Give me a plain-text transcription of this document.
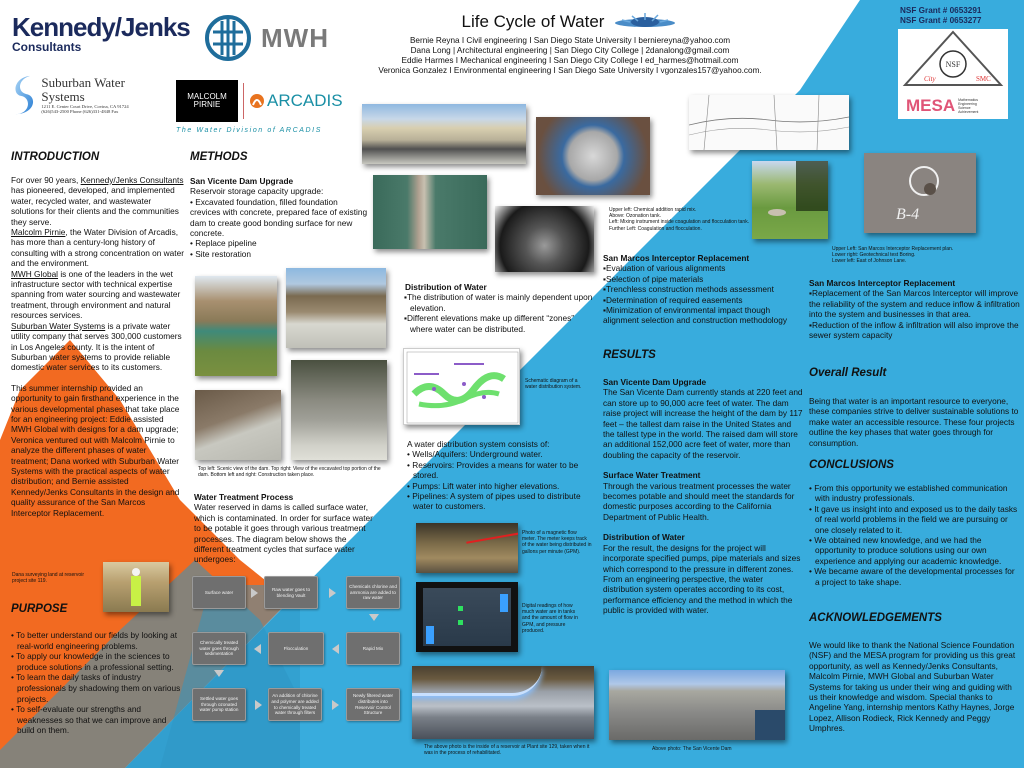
Kennedy/Jenks
Consultants	MWH
Suburban Water Systems
1211 E. Center Court Drive, Covina, CA 91724
(626)543-2500 Phone (626)331-4848 Fax
MALCOLM
PIRNIE	ARCADIS
The Water Division of ARCADIS
Life Cycle of Water
Bernie Reyna I Civil engineering I San Diego State University I berniereyna@yahoo.com
Dana Long | Architectural engineering | San Diego City College | 2danalong@gmail.com
Eddie Harmes I Mechanical engineering I San Diego City College I ed_harmes@hotmail.com
Veronica Gonzalez I Environmental engineering I San Diego Sate University I vgonzales157@yahoo.com.
NSF Grant # 0653291
NSF Grant # 0653277
NSF
City	SMC
MESA Mathematics Engineering Science Achievement
INTRODUCTION
For over 90 years, Kennedy/Jenks Consultants has pioneered, developed, and implemented water, recycled water, and wastewater solutions for their clients and the communities they serve.
Malcolm Pirnie, the Water Division of Arcadis, has more than a century-long history of consulting with a strong concentration on water and the environment.
MWH Global is one of the leaders in the wet infrastructure sector with technical expertise spanning from water sourcing and wastewater treatment, through environment and natural resources services.
Suburban Water Systems is a private water utility company that serves 300,000 customers in Los Angeles county. It is the intent of Suburban water systems to provide reliable domestic water services to its customers.
This summer internship provided an opportunity to gain firsthand experience in the various developmental phases that take place for an engineering project: Eddie assisted MWH Global with designs for a dam upgrade; Veronica ventured out with Malcolm Pirnie to analyze the different phases of water treatment; Dana worked with Suburban Water Systems with the practical aspects of water distribution; and Bernie assisted Kennedy/Jenks Consultants in the design and quality assurance of the San Marcos Interceptor Replacement.
Dana surveying land at reservoir project site 119.
PURPOSE
• To better understand our fields by looking at real-world engineering problems.
• To apply our knowledge in the sciences to produce solutions in a professional setting.
• To learn the daily tasks of industry professionals by shadowing them on various projects.
• To self-evaluate our strengths and weaknesses so that we can improve and build on them.
METHODS
San Vicente Dam Upgrade
Reservoir storage capacity upgrade:
• Excavated foundation, filled foundation crevices with concrete, prepared face of existing dam to create good bonding surface for new concrete.
• Replace pipeline
• Site restoration
Top left: Scenic view of the dam. Top right: View of the excavated top portion of the dam. Bottom left and right: Construction taken place.
Water Treatment Process
Water reserved in dams is called surface water, which is contaminated. In order for surface water to be potable it goes through various treatment processes. The diagram below shows the different treatment cycles that surface water undergoes:
Surface water
Raw water goes to blending Vault
Chemicals chlorine and ammonia are added to raw water
Rapid Mix
Flocculation
Chemically treated water goes through sedimentation
Settled water goes through ozonated water pump station
An addition of chlorine and polymer are added to chemically treated water through filters
Newly filtered water distributes into Reservoir Control Structure
Upper left: Chemical addition rapid mix.
Above: Ozonation tank.
Left: Mixing instrument inside coagulation and flocculation tank.
Further Left: Coagulation and flocculation.
Distribution of Water
▪The distribution of water is mainly dependent upon elevation.
▪Different elevations make up different “zones” where water can be distributed.
Schematic diagram of a water distribution system.
A water distribution system consists of:
• Wells/Aquifers: Underground water.
• Reservoirs: Provides a means for water to be stored.
• Pumps: Lift water into higher elevations.
• Pipelines: A system of pipes used to distribute water to customers.
Photo of a magnetic flow meter. The meter keeps track of the water being distributed in gallons per minute (GPM).
Digital readings of how much water are in tanks and the amount of flow in GPM, and pressure produced.
The above photo is the inside of a reservoir at Plant site 129, taken when it was in the process of rehabilitated.
Above photo: The San Vicente Dam
B-4
Upper Left: San Marcos Interceptor Replacement plan.
Lower right: Geotechnical test Boring.
Lower left: East of Johnson Lane.
San Marcos Interceptor Replacement
▪Evaluation of various alignments
▪Selection of pipe materials
▪Trenchless construction methods assessment
▪Determination of required easements
▪Minimization of environmental impact though alignment selection and construction methodology
RESULTS
San Vicente Dam Upgrade
The San Vicente Dam currently stands at 220 feet and can store up to 90,000 acre feet of water. The dam raise project will increase the height of the dam by 117 feet – the tallest dam raise in the United States and the tallest type in the world. The raised dam will store an additional 152,000 acre feet of water, more than doubling the capacity of the reservoir.
Surface Water Treatment
Through the various treatment processes the water becomes potable and should meet the standards for domestic purposes according to the California Department of Public Health.
Distribution of Water
For the result, the designs for the project will incorporate specified pumps, pipe materials and sizes which correspond to the pressure in different zones. From an engineering perspective, the water distribution system operates according to its cost, performance efficiency and the method in which the public is provided with water.
San Marcos Interceptor Replacement
▪Replacement of the San Marcos Interceptor will improve the reliability of the system and reduce inflow & infiltration into the system and businesses in that area.
▪Reduction of the inflow & infiltration will also improve the sewer system capacity
Overall Result
Being that water is an important resource to everyone, these companies strive to deliver sustainable solutions to make water an accessible resource. These four projects outline the key phases that water goes through for consumption.
CONCLUSIONS
• From this opportunity we established communication with industry professionals.
• It gave us insight into and exposed us to the daily tasks of real world problems in the field we are pursuing or one closely related to it.
• We obtained new knowledge, and we had the opportunity to produce solutions using our own experience and applying our academic knowledge.
• We became aware of the developmental processes for a project to take shape.
ACKNOWLEDGEMENTS
We would like to thank the National Science Foundation (NSF) and the MESA program for providing us this great opportunity, as well as Kennedy/Jenks Consultants, Malcolm Pirnie, MWH Global and Suburban Water Systems for taking us under their wing and guiding with us their knowledge and wisdom. Special thanks to Angeline Yang, internship mentors Kathy Haynes, Jorge Lopez, Allison Rodieck, Rick Kennedy and Peggy Umphres.
